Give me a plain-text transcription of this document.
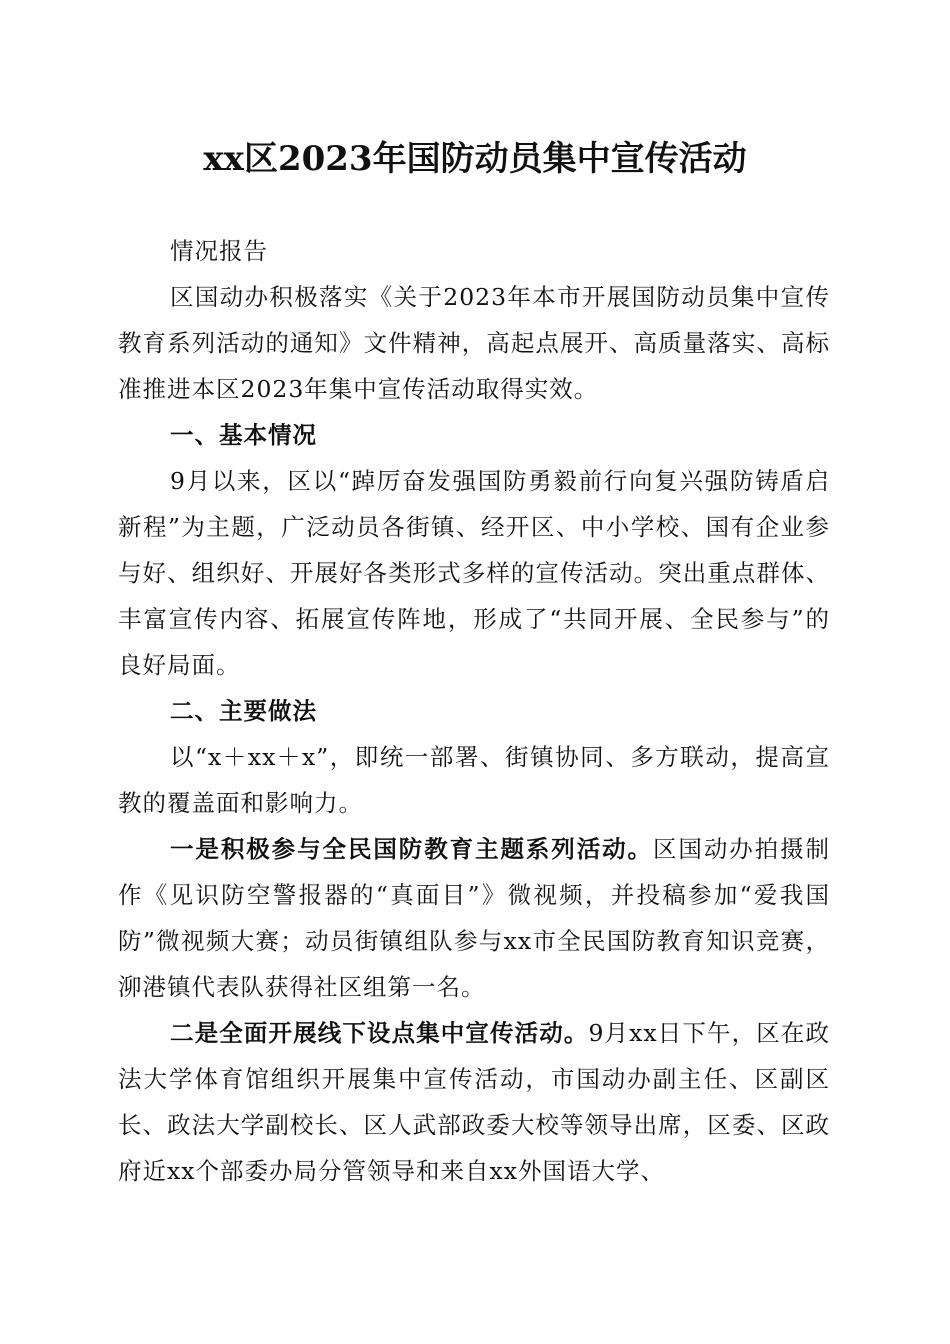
xx区2023年国防动员集中宣传活动

情况报告

区国动办积极落实《关于2023年本市开展国防动员集中宣传教育系列活动的通知》文件精神，高起点展开、高质量落实、高标准推进本区2023年集中宣传活动取得实效。

一、基本情况

9月以来，区以“踔厉奋发强国防勇毅前行向复兴强防铸盾启新程”为主题，广泛动员各街镇、经开区、中小学校、国有企业参与好、组织好、开展好各类形式多样的宣传活动。突出重点群体、丰富宣传内容、拓展宣传阵地，形成了“共同开展、全民参与”的良好局面。

二、主要做法

以“x＋xx＋x”，即统一部署、街镇协同、多方联动，提高宣教的覆盖面和影响力。

一是积极参与全民国防教育主题系列活动。区国动办拍摄制作《见识防空警报器的“真面目”》微视频，并投稿参加“爱我国防”微视频大赛；动员街镇组队参与xx市全民国防教育知识竞赛，泖港镇代表队获得社区组第一名。

二是全面开展线下设点集中宣传活动。9月xx日下午，区在政法大学体育馆组织开展集中宣传活动，市国动办副主任、区副区长、政法大学副校长、区人武部政委大校等领导出席，区委、区政府近xx个部委办局分管领导和来自xx外国语大学、
